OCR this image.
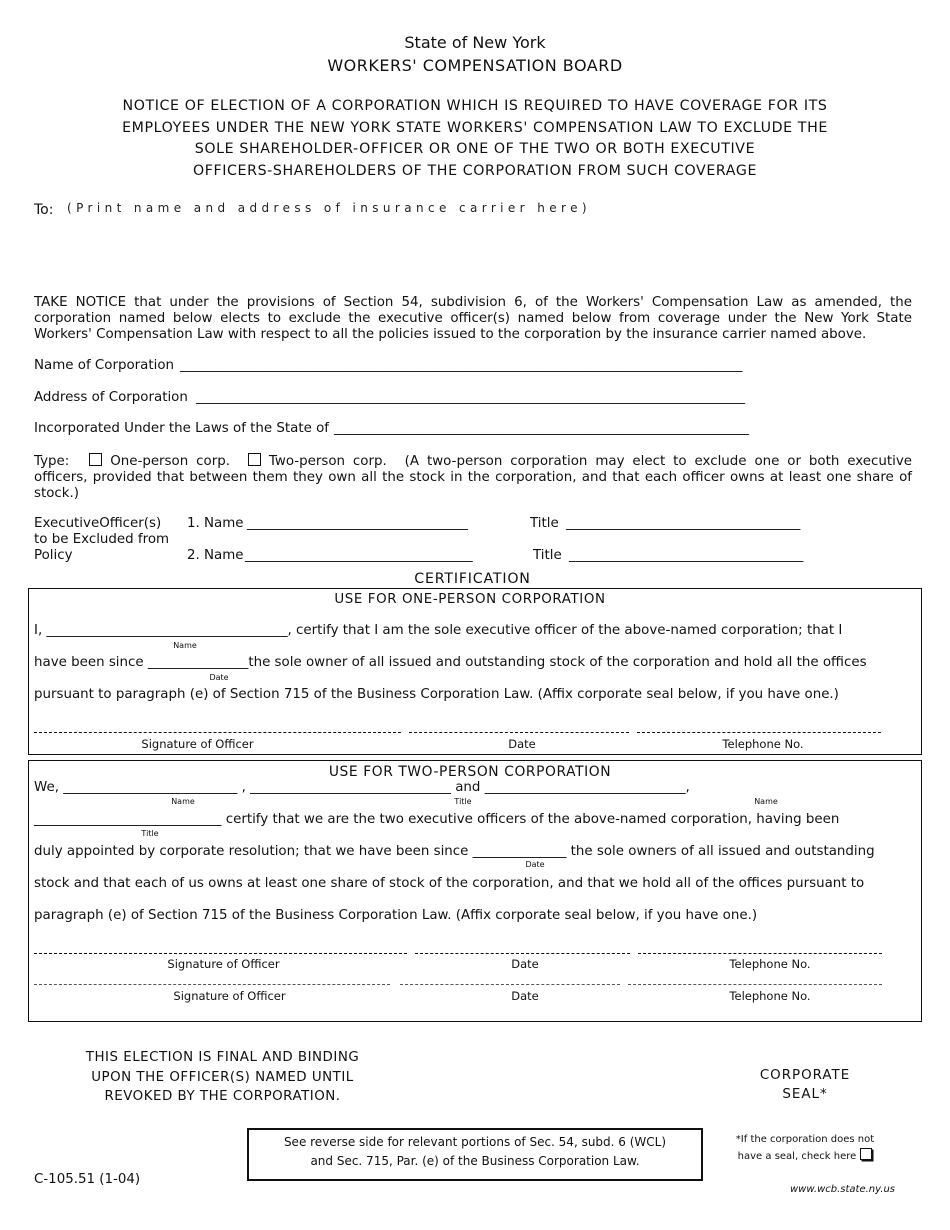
State of New York
WORKERS' COMPENSATION BOARD
NOTICE OF ELECTION OF A CORPORATION WHICH IS REQUIRED TO HAVE COVERAGE FOR ITS
EMPLOYEES UNDER THE NEW YORK STATE WORKERS' COMPENSATION LAW TO EXCLUDE THE
SOLE SHAREHOLDER-OFFICER OR ONE OF THE TWO OR BOTH EXECUTIVE
OFFICERS-SHAREHOLDERS OF THE CORPORATION FROM SUCH COVERAGE
To: (Print name and address of insurance carrier here)
TAKE NOTICE that under the provisions of Section 54, subdivision 6, of the Workers' Compensation Law as amended, the corporation named below elects to exclude the executive officer(s) named below from coverage under the New York State Workers' Compensation Law with respect to all the policies issued to the corporation by the insurance carrier named above.
Name of Corporation ____________________________________________________________________________________
Address of Corporation __________________________________________________________________________________
Incorporated Under the Laws of the State of ______________________________________________________________
Type:	One-person corp.	Two-person corp. (A two-person corporation may elect to exclude one or both executive officers, provided that between them they own all the stock in the corporation, and that each officer owns at least one share of stock.)
ExecutiveOfficer(s)
to be Excluded from
Policy
1. Name _________________________________	Title ___________________________________
2. Name __________________________________	Title ___________________________________
CERTIFICATION
USE FOR ONE-PERSON CORPORATION
I, ____________________________________, certify that I am the sole executive officer of the above-named corporation; that I
Name
have been since _______________the sole owner of all issued and outstanding stock of the corporation and hold all the offices
Date
pursuant to paragraph (e) of Section 715 of the Business Corporation Law. (Affix corporate seal below, if you have one.)
Signature of Officer	Date	Telephone No.
USE FOR TWO-PERSON CORPORATION
We, __________________________ , ______________________________ and ______________________________,
Name	Title	Name
____________________________ certify that we are the two executive officers of the above-named corporation, having been
Title
duly appointed by corporate resolution; that we have been since ______________ the sole owners of all issued and outstanding
Date
stock and that each of us owns at least one share of stock of the corporation, and that we hold all of the offices pursuant to
paragraph (e) of Section 715 of the Business Corporation Law. (Affix corporate seal below, if you have one.)
Signature of Officer	Date	Telephone No.
Signature of Officer	Date	Telephone No.
THIS ELECTION IS FINAL AND BINDING
UPON THE OFFICER(S) NAMED UNTIL
REVOKED BY THE CORPORATION.
CORPORATE
SEAL*
See reverse side for relevant portions of Sec. 54, subd. 6 (WCL)
and Sec. 715, Par. (e) of the Business Corporation Law.
*If the corporation does not
have a seal, check here
C-105.51 (1-04)
www.wcb.state.ny.us
